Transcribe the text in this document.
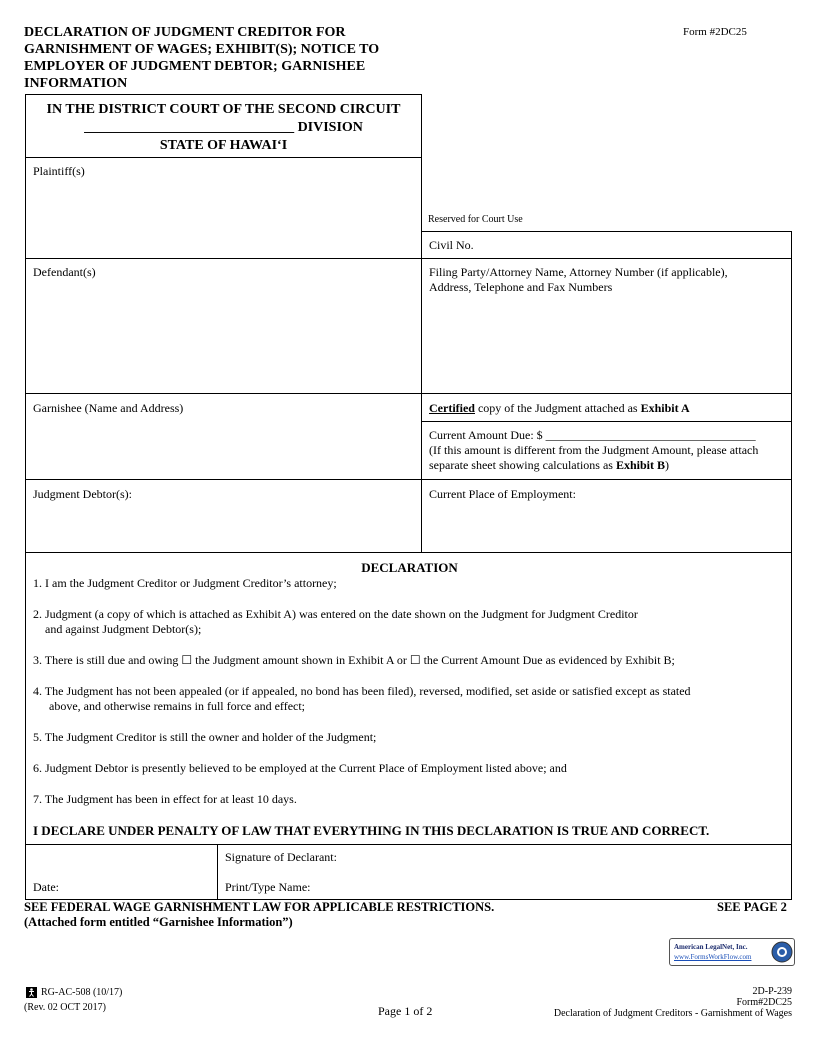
DECLARATION OF JUDGMENT CREDITOR FOR GARNISHMENT OF WAGES; EXHIBIT(S); NOTICE TO EMPLOYER OF JUDGMENT DEBTOR; GARNISHEE INFORMATION
Form #2DC25
IN THE DISTRICT COURT OF THE SECOND CIRCUIT
______________________________ DIVISION
STATE OF HAWAI‘I
Plaintiff(s)
Defendant(s)
Garnishee (Name and Address)
Judgment Debtor(s):
Reserved for Court Use
Civil No.
Filing Party/Attorney Name, Attorney Number (if applicable), Address, Telephone and Fax Numbers
Certified copy of the Judgment attached as Exhibit A
Current Amount Due: $ ___________________________________
(If this amount is different from the Judgment Amount, please attach separate sheet showing calculations as Exhibit B)
Current Place of Employment:

DECLARATION

1. I am the Judgment Creditor or Judgment Creditor’s attorney;

2. Judgment (a copy of which is attached as Exhibit A) was entered on the date shown on the Judgment for Judgment Creditor

and against Judgment Debtor(s);

3. There is still due and owing ☐ the Judgment amount shown in Exhibit A or ☐ the Current Amount Due as evidenced by Exhibit B;

4. The Judgment has not been appealed (or if appealed, no bond has been filed), reversed, modified, set aside or satisfied except as stated

above, and otherwise remains in full force and effect;

5. The Judgment Creditor is still the owner and holder of the Judgment;

6. Judgment Debtor is presently believed to be employed at the Current Place of Employment listed above; and

7. The Judgment has been in effect for at least 10 days.

I DECLARE UNDER PENALTY OF LAW THAT EVERYTHING IN THIS DECLARATION IS TRUE AND CORRECT.

Date:
Signature of Declarant:
Print/Type Name:
SEE FEDERAL WAGE GARNISHMENT LAW FOR APPLICABLE RESTRICTIONS.	SEE PAGE 2
(Attached form entitled “Garnishee Information”)
American LegalNet, Inc.
www.FormsWorkFlow.com
RG-AC-508 (10/17)
(Rev. 02 OCT 2017)	Page 1 of 2
2D-P-239
Form#2DC25
Declaration of Judgment Creditors - Garnishment of Wages
